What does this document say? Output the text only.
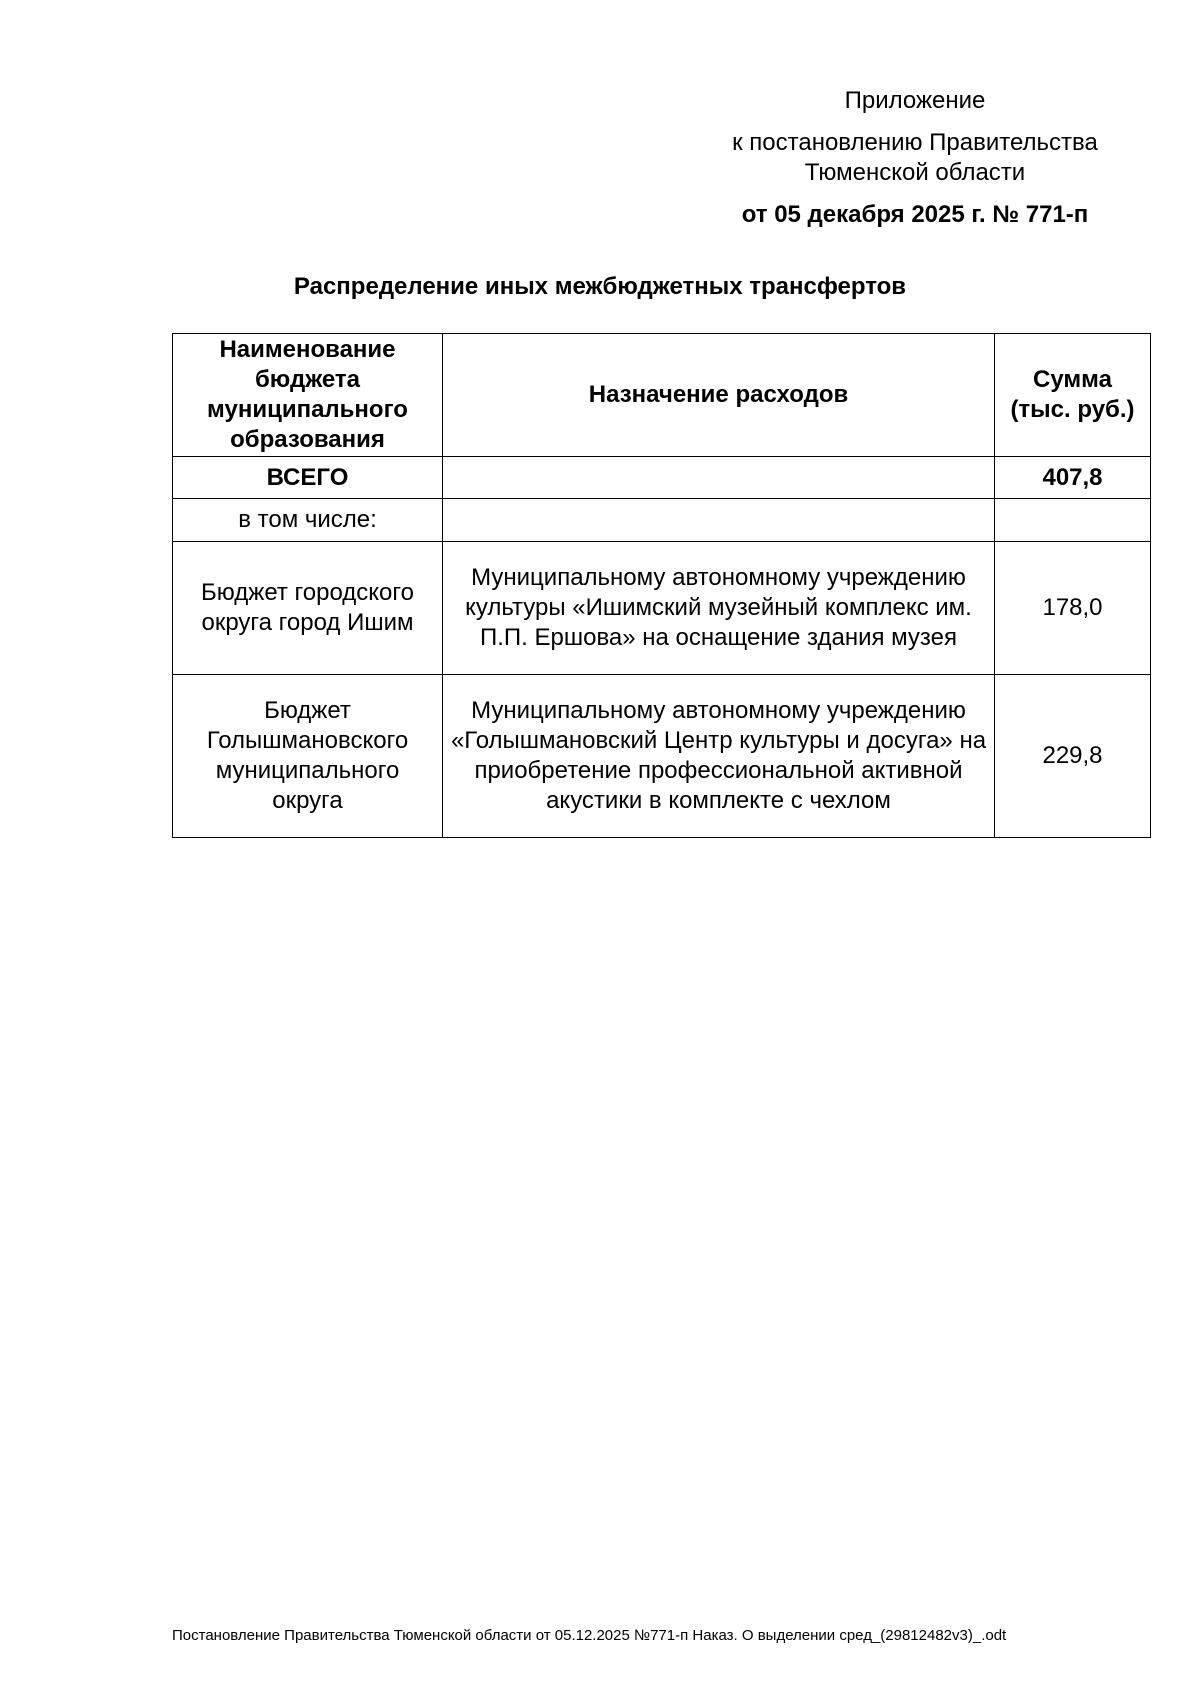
Приложение
к постановлению Правительства Тюменской области
от 05 декабря 2025 г. № 771-п
Распределение иных межбюджетных трансфертов
Наименование бюджета муниципального образования	Назначение расходов	Сумма (тыс. руб.)
ВСЕГО		407,8
в том числе:		
Бюджет городского округа город Ишим	Муниципальному автономному учреждению культуры «Ишимский музейный комплекс им. П.П. Ершова» на оснащение здания музея	178,0
Бюджет Голышмановского муниципального округа	Муниципальному автономному учреждению «Голышмановский Центр культуры и досуга» на приобретение профессиональной активной акустики в комплекте с чехлом	229,8
Постановление Правительства Тюменской области от 05.12.2025 №771-п Наказ. О выделении сред_(29812482v3)_.odt
